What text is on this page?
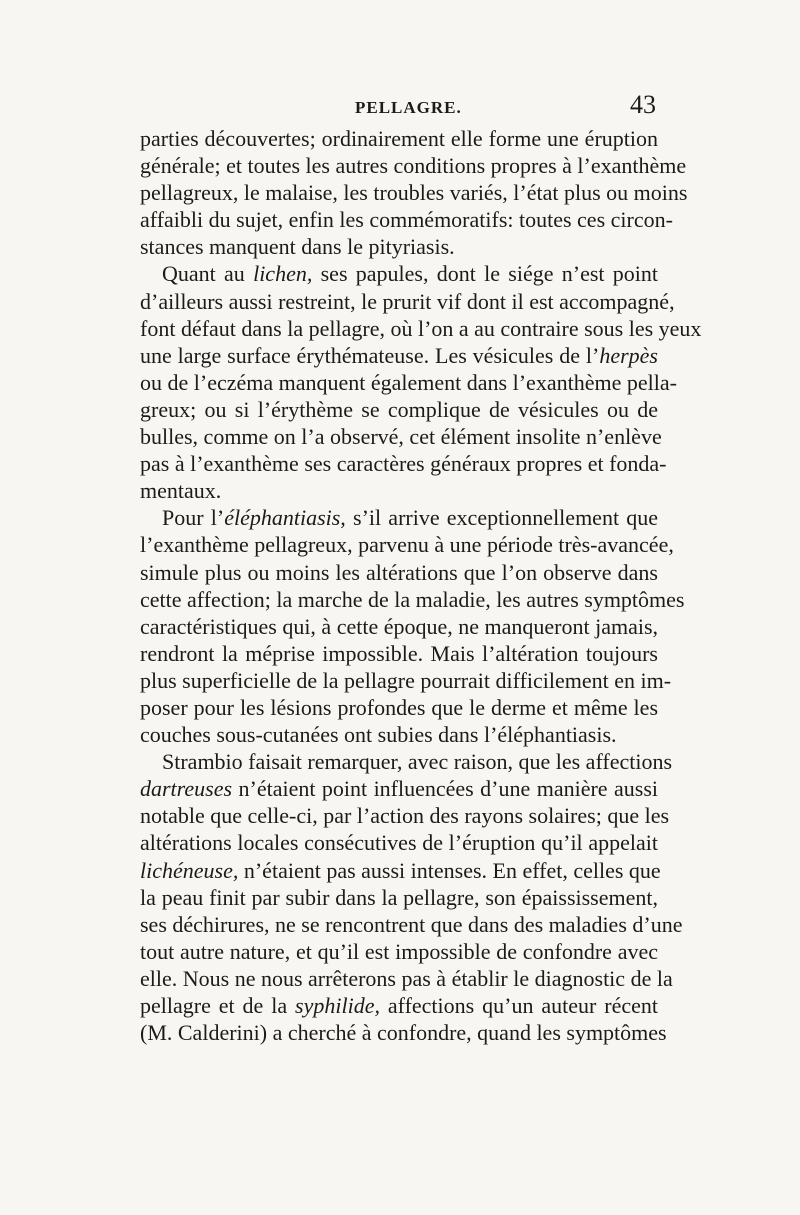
PELLAGRE.	43
parties découvertes; ordinairement elle forme une éruption
générale; et toutes les autres conditions propres à l’exanthème
pellagreux, le malaise, les troubles variés, l’état plus ou moins
affaibli du sujet, enfin les commémoratifs: toutes ces circon-
stances manquent dans le pityriasis.
Quant au lichen, ses papules, dont le siége n’est point
d’ailleurs aussi restreint, le prurit vif dont il est accompagné,
font défaut dans la pellagre, où l’on a au contraire sous les yeux
une large surface érythémateuse. Les vésicules de l’herpès
ou de l’eczéma manquent également dans l’exanthème pella-
greux; ou si l’érythème se complique de vésicules ou de
bulles, comme on l’a observé, cet élément insolite n’enlève
pas à l’exanthème ses caractères généraux propres et fonda-
mentaux.
Pour l’éléphantiasis, s’il arrive exceptionnellement que
l’exanthème pellagreux, parvenu à une période très-avancée,
simule plus ou moins les altérations que l’on observe dans
cette affection; la marche de la maladie, les autres symptômes
caractéristiques qui, à cette époque, ne manqueront jamais,
rendront la méprise impossible. Mais l’altération toujours
plus superficielle de la pellagre pourrait difficilement en im-
poser pour les lésions profondes que le derme et même les
couches sous-cutanées ont subies dans l’éléphantiasis.
Strambio faisait remarquer, avec raison, que les affections
dartreuses n’étaient point influencées d’une manière aussi
notable que celle-ci, par l’action des rayons solaires; que les
altérations locales consécutives de l’éruption qu’il appelait
lichéneuse, n’étaient pas aussi intenses. En effet, celles que
la peau finit par subir dans la pellagre, son épaississement,
ses déchirures, ne se rencontrent que dans des maladies d’une
tout autre nature, et qu’il est impossible de confondre avec
elle. Nous ne nous arrêterons pas à établir le diagnostic de la
pellagre et de la syphilide, affections qu’un auteur récent
(M. Calderini) a cherché à confondre, quand les symptômes
